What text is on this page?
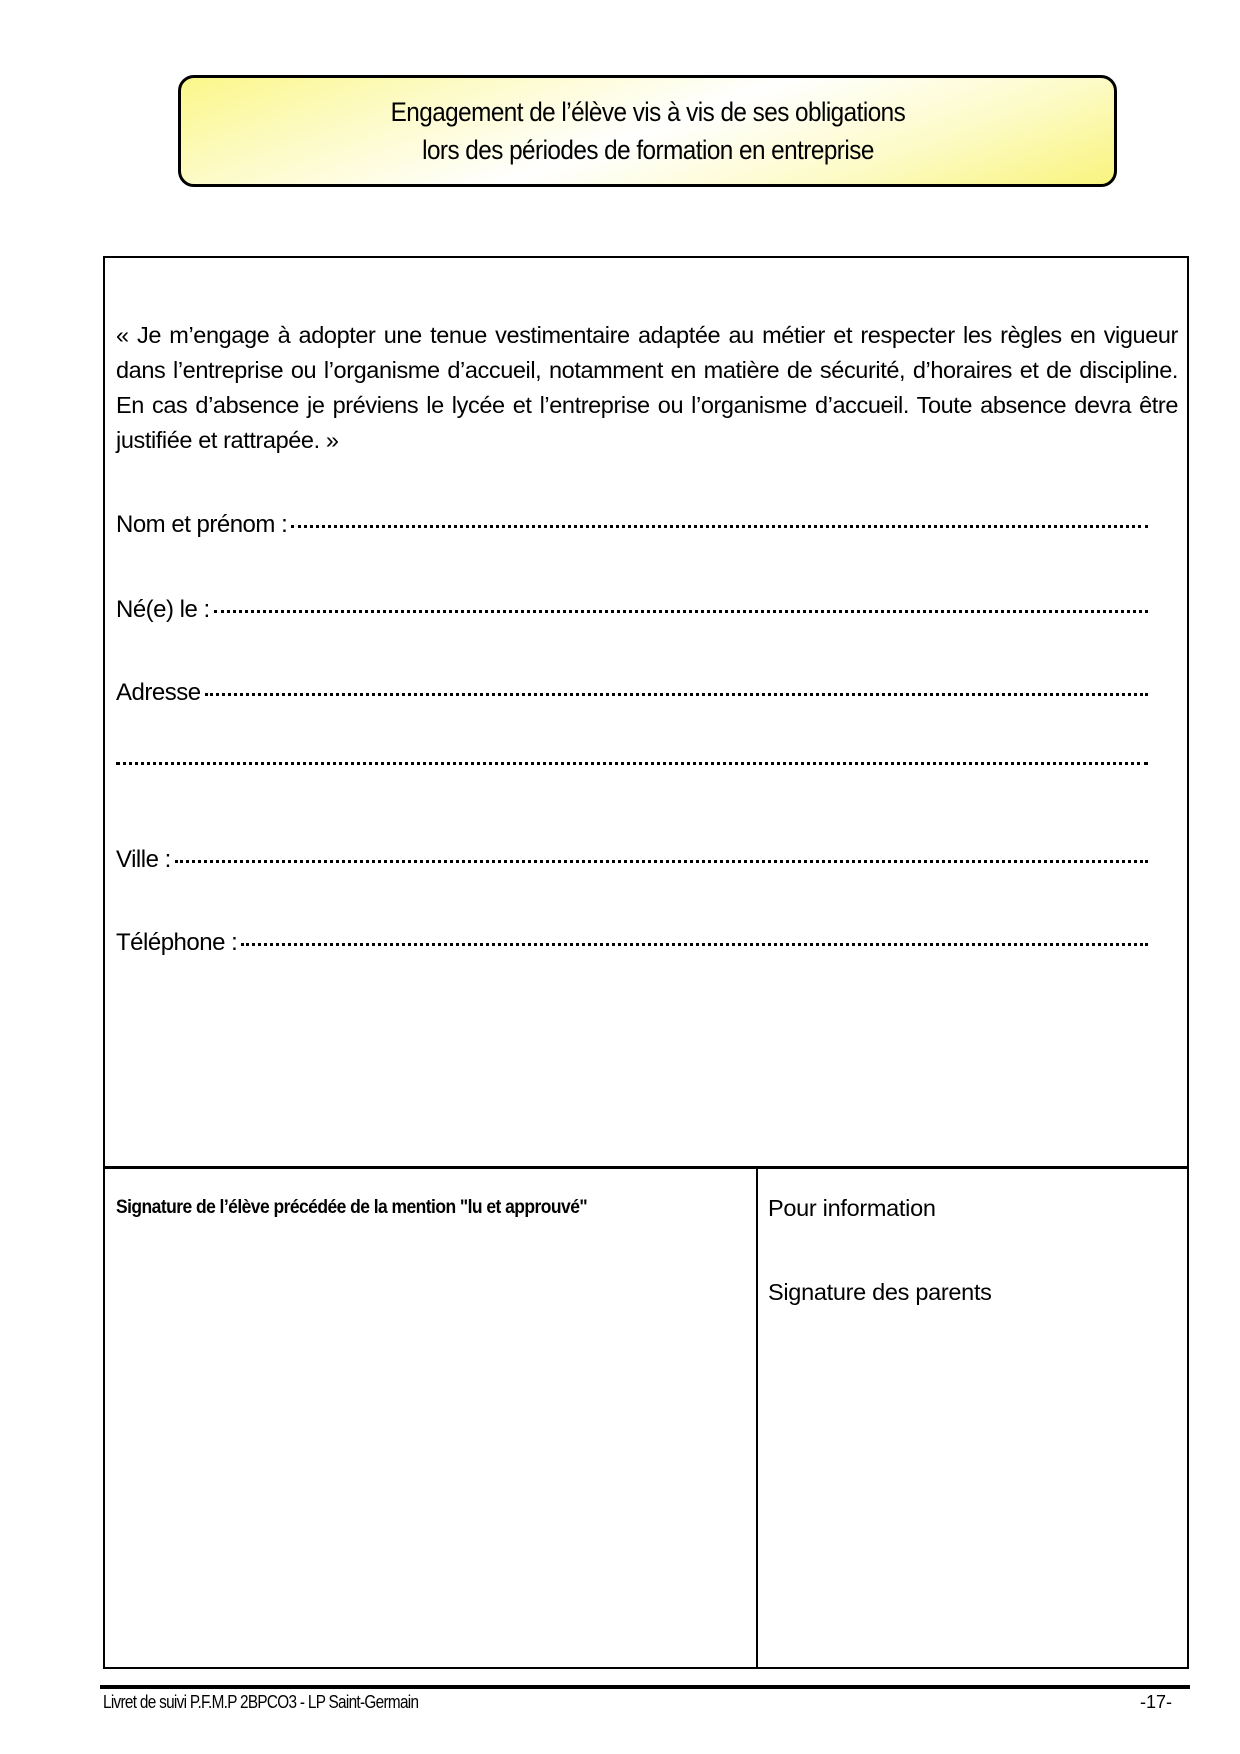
Engagement de l’élève vis à vis de ses obligations
lors des périodes de formation en entreprise
« Je m’engage à adopter une tenue vestimentaire adaptée au métier et respecter les règles en vigueur dans l’entreprise ou l’organisme d’accueil, notamment en matière de sécurité, d’horaires et de discipline. En cas d’absence je préviens le lycée et l’entreprise ou l’organisme d’accueil. Toute absence devra être justifiée et rattrapée. »
Nom et prénom :
Né(e) le :
Adresse
Ville :
Téléphone :
Signature de l’élève précédée de la mention "lu et approuvé"	Pour information
Signature des parents
Livret de suivi P.F.M.P 2BPCO3 - LP Saint-Germain	-17-
